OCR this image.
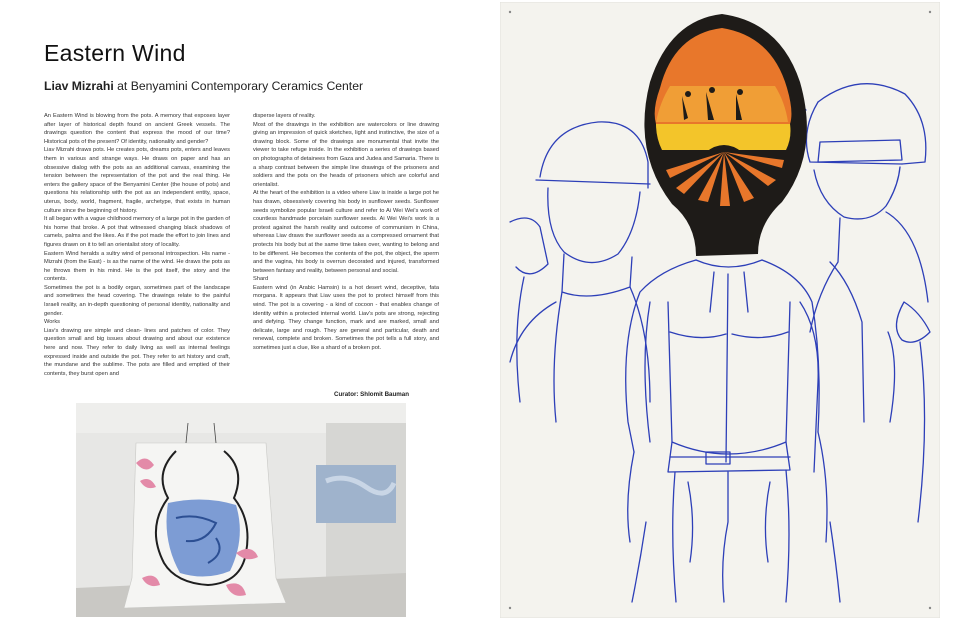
Eastern Wind
Liav Mizrahi at Benyamini Contemporary Ceramics Center

An Eastern Wind is blowing from the pots. A memory that exposes layer after layer of historical depth found on ancient Greek vessels. The drawings question the content that express the mood of our time? Historical pots of the present? Of identity, nationality and gender?

Liav Mizrahi draws pots. He creates pots, dreams pots, enters and leaves them in various and strange ways. He draws on paper and has an obsessive dialog with the pots as an additional canvas, examining the tension between the representation of the pot and the real thing. He enters the gallery space of the Benyamini Center (the house of pots) and questions his relationship with the pot as an independent entity, space, uterus, body, world, fragment, fragile, archetype, that exists in human culture since the beginning of history.

It all began with a vague childhood memory of a large pot in the garden of his home that broke. A pot that witnessed changing black shadows of camels, palms and the likes. As if the pot made the effort to join lines and figures drawn on it to tell an orientalist story of locality.

Eastern Wind heralds a sultry wind of personal introspection. His name - Mizrahi (from the East) - is as the name of the wind. He draws the pots as he throws them in his mind. He is the pot itself, the story and the contents.

Sometimes the pot is a bodily organ, sometimes part of the landscape and sometimes the head covering. The drawings relate to the painful Israeli reality, an in-depth questioning of personal identity, nationality and gender.

Works

Liav's drawing are simple and clean- lines and patches of color. They question small and big issues about drawing and about our existence here and now. They refer to daily living as well as internal feelings expressed inside and outside the pot. They refer to art history and craft, the mundane and the sublime. The pots are filled and emptied of their contents, they burst open and

disperse layers of reality.

Most of the drawings in the exhibition are watercolors or line drawing giving an impression of quick sketches, light and instinctive, the size of a drawing block. Some of the drawings are monumental that invite the viewer to take refuge inside. In the exhibition a series of drawings based on photographs of detainees from Gaza and Judea and Samaria. There is a sharp contrast between the simple line drawings of the prisoners and soldiers and the pots on the heads of prisoners which are colorful and orientalist.

At the heart of the exhibition is a video where Liav is inside a large pot he has drawn, obsessively covering his body in sunflower seeds. Sunflower seeds symbolize popular Israeli culture and refer to Ai Wei Wei's work of countless handmade porcelain sunflower seeds. Ai Wei Wei's work is a protest against the harsh reality and outcome of communism in China, whereas Liav draws the sunflower seeds as a compressed ornament that protects his body but at the same time takes over, wanting to belong and to be different. He becomes the contents of the pot, the object, the sperm and the vagina, his body is overrun decorated and injured, transformed between fantasy and reality, between personal and social.

Shard

Eastern wind (in Arabic Hamsin) is a hot desert wind, deceptive, fata morgana. It appears that Liav uses the pot to protect himself from this wind. The pot is a covering - a kind of cocoon - that enables change of identity within a protected internal world. Liav's pots are strong, rejecting and defying. They change function, mark and are marked, small and delicate, large and rough. They are general and particular, death and renewal, complete and broken. Sometimes the pot tells a full story, and sometimes just a clue, like a shard of a broken pot.

Curator: Shlomit Bauman
